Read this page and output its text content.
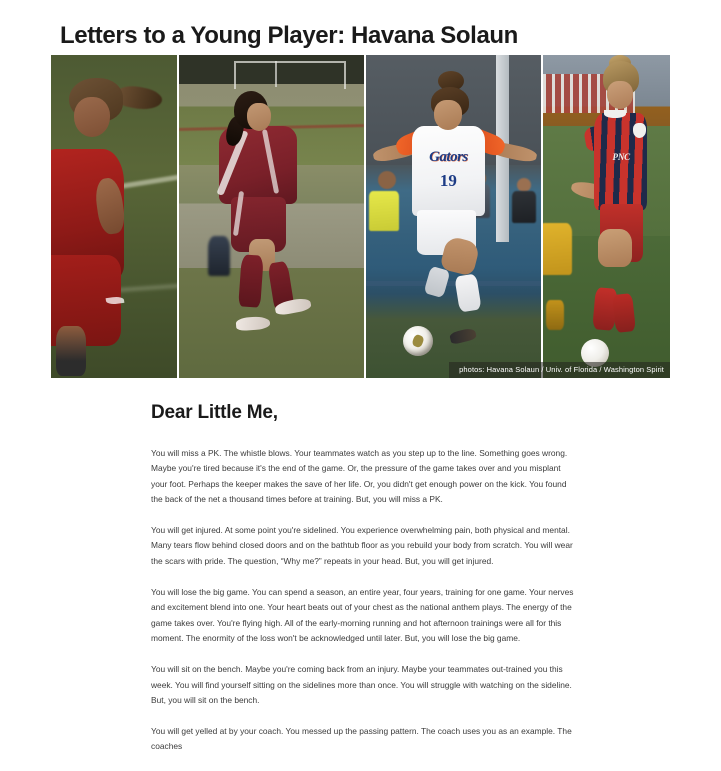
Letters to a Young Player: Havana Solaun
Gators
19
PNC
photos: Havana Solaun / Univ. of Florida / Washington Spirit
Dear Little Me,

You will miss a PK. The whistle blows. Your teammates watch as you step up to the line. Something goes wrong. Maybe you're tired because it's the end of the game. Or, the pressure of the game takes over and you misplant your foot. Perhaps the keeper makes the save of her life. Or, you didn't get enough power on the kick. You found the back of the net a thousand times before at training. But, you will miss a PK.

You will get injured. At some point you're sidelined. You experience overwhelming pain, both physical and mental. Many tears flow behind closed doors and on the bathtub floor as you rebuild your body from scratch. You will wear the scars with pride. The question, “Why me?” repeats in your head. But, you will get injured.

You will lose the big game. You can spend a season, an entire year, four years, training for one game. Your nerves and excitement blend into one. Your heart beats out of your chest as the national anthem plays. The energy of the game takes over. You're flying high. All of the early-morning running and hot afternoon trainings were all for this moment. The enormity of the loss won't be acknowledged until later. But, you will lose the big game.

You will sit on the bench. Maybe you're coming back from an injury. Maybe your teammates out-trained you this week. You will find yourself sitting on the sidelines more than once. You will struggle with watching on the sideline. But, you will sit on the bench.

You will get yelled at by your coach. You messed up the passing pattern. The coach uses you as an example. The coaches
